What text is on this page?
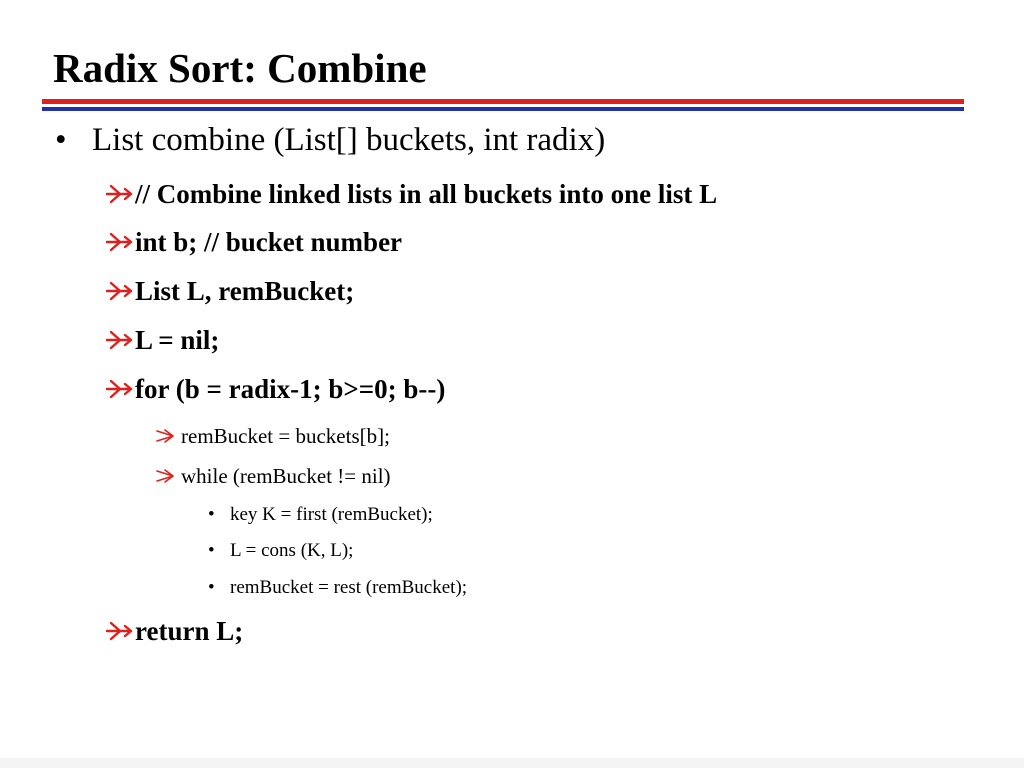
Radix Sort: Combine
• List combine (List[] buckets, int radix)
// Combine linked lists in all buckets into one list L
int b; // bucket number
List L, remBucket;
L = nil;
for (b = radix-1; b>=0; b--)
remBucket = buckets[b];
while (remBucket != nil)
• key K = first (remBucket);
• L = cons (K, L);
• remBucket = rest (remBucket);
return L;
